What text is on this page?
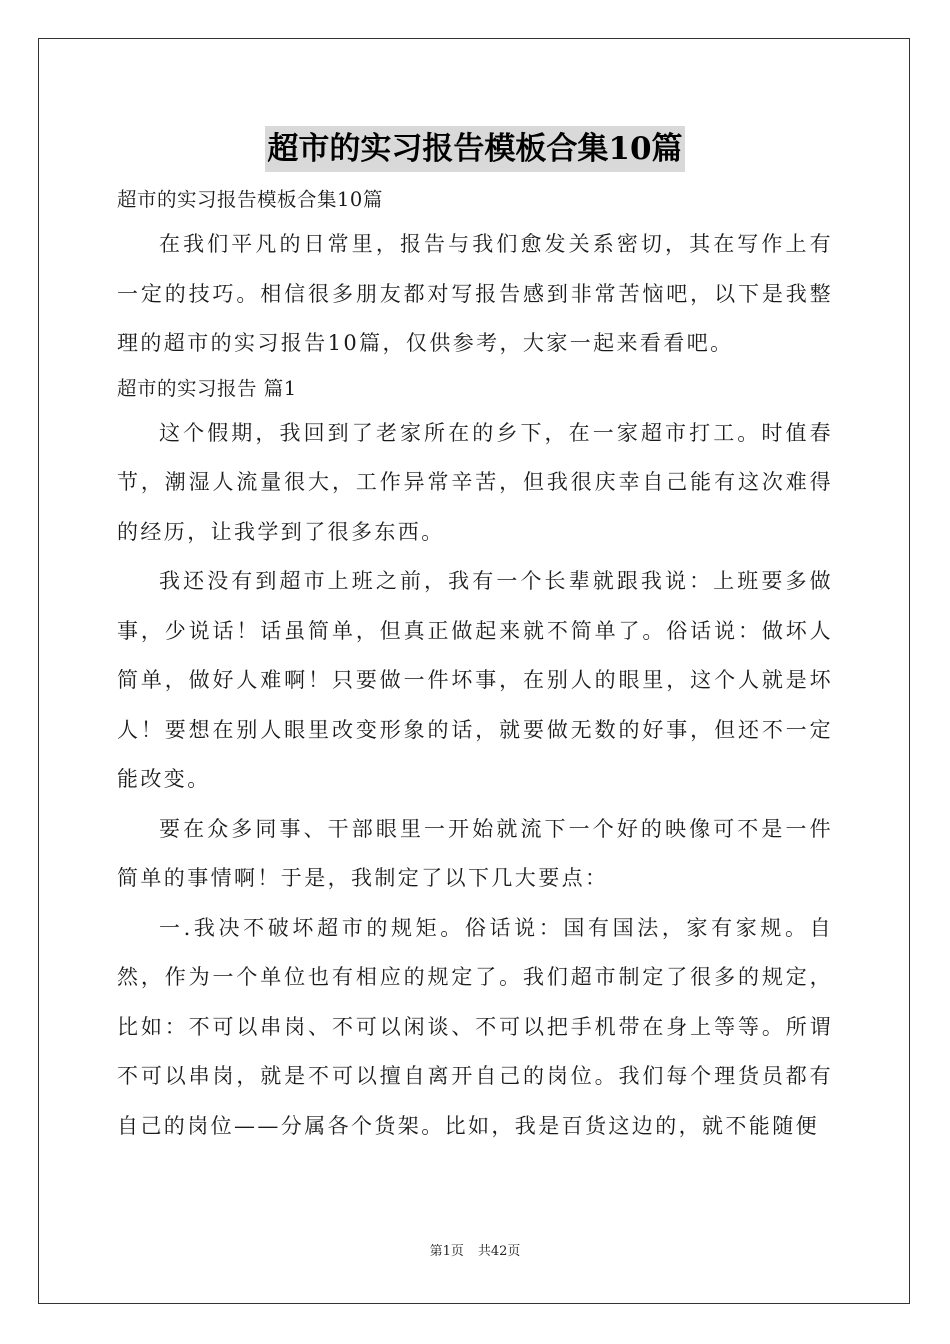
超市的实习报告模板合集10篇

超市的实习报告模板合集10篇

在我们平凡的日常里，报告与我们愈发关系密切，其在写作上有一定的技巧。相信很多朋友都对写报告感到非常苦恼吧，以下是我整理的超市的实习报告10篇，仅供参考，大家一起来看看吧。

超市的实习报告 篇1

这个假期，我回到了老家所在的乡下，在一家超市打工。时值春节，潮湿人流量很大，工作异常辛苦，但我很庆幸自己能有这次难得的经历，让我学到了很多东西。

我还没有到超市上班之前，我有一个长辈就跟我说：上班要多做事，少说话！话虽简单，但真正做起来就不简单了。俗话说：做坏人简单，做好人难啊！只要做一件坏事，在别人的眼里，这个人就是坏人！要想在别人眼里改变形象的话，就要做无数的好事，但还不一定能改变。

要在众多同事、干部眼里一开始就流下一个好的映像可不是一件简单的事情啊！于是，我制定了以下几大要点：

一.我决不破坏超市的规矩。俗话说：国有国法，家有家规。自然，作为一个单位也有相应的规定了。我们超市制定了很多的规定，比如：不可以串岗、不可以闲谈、不可以把手机带在身上等等。所谓不可以串岗，就是不可以擅自离开自己的岗位。我们每个理货员都有自己的岗位——分属各个货架。比如，我是百货这边的，就不能随便

第1页 共42页
